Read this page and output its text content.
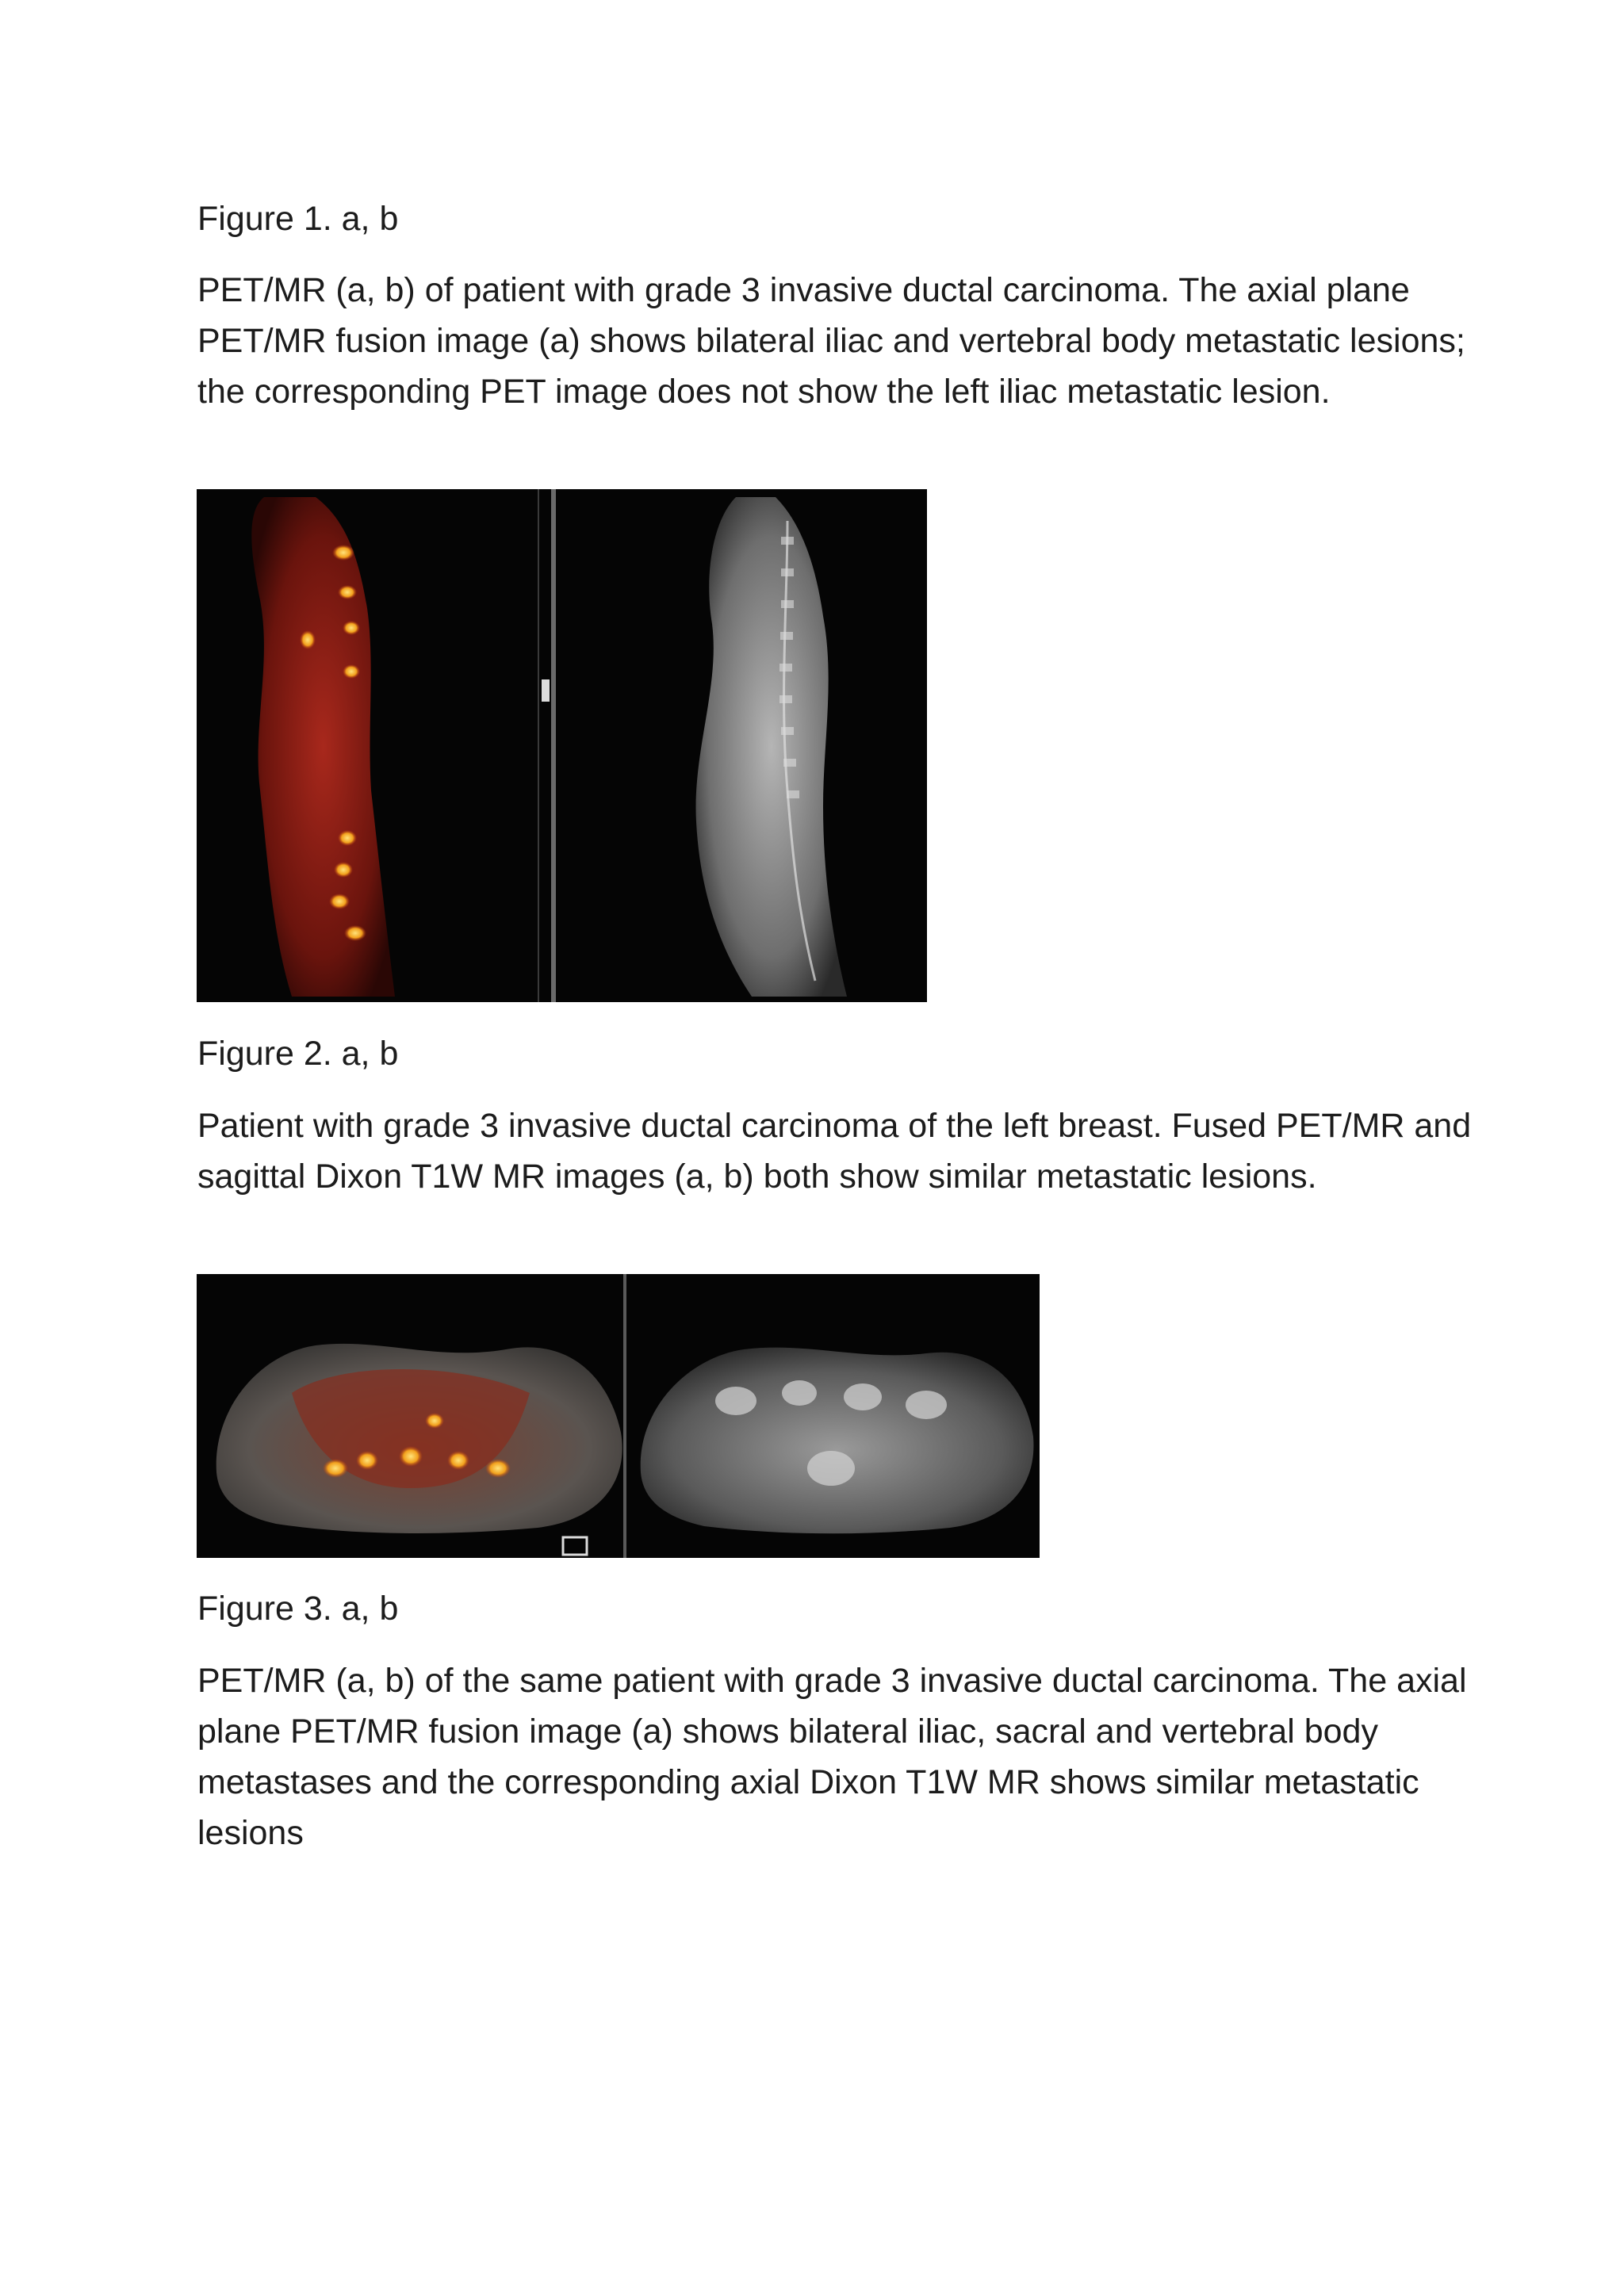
Figure 1. a, b
PET/MR (a, b) of patient with grade 3 invasive ductal carcinoma. The axial plane PET/MR fusion image (a) shows bilateral iliac and vertebral body metastatic lesions; the corresponding PET image does not show the left iliac metastatic lesion.
Figure 2. a, b
Patient with grade 3 invasive ductal carcinoma of the left breast. Fused PET/MR and sagittal Dixon T1W MR images (a, b) both show similar metastatic lesions.
Figure 3. a, b
PET/MR (a, b) of the same patient with grade 3 invasive ductal carcinoma. The axial plane PET/MR fusion image (a) shows bilateral iliac, sacral and vertebral body metastases and the corresponding axial Dixon T1W MR shows similar metastatic lesions
